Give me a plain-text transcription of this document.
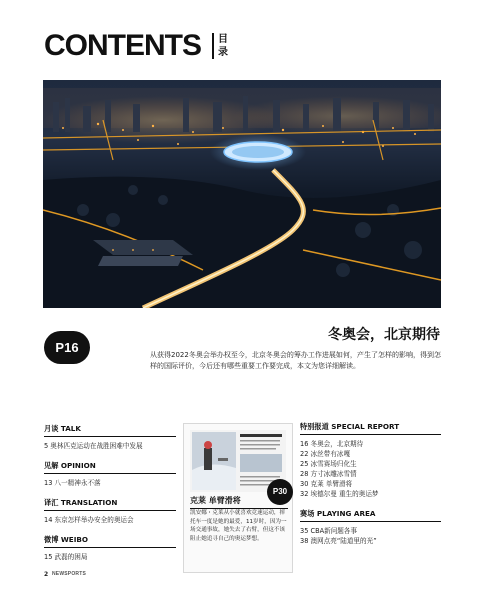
CONTENTS	目录
P16
冬奥会，北京期待
从获得2022冬奥会举办权至今，北京冬奥会的筹办工作进展如何，产生了怎样的影响，得到怎样的国际评价，今后还有哪些重要工作要完成，本文为您详细解读。
月谈 TALK
5 奥林匹克运动在战胜困难中发展
见解 OPINION
13 八一精神永不落
译汇 TRANSLATION
14 东京怎样举办安全的奥运会
微博 WEIBO
15 武磊的困局
P30
克莱 单臂滑将
凯安娜・克莱从小就喜欢竞速运动，摔托车一度是她的最爱，11岁时，因为一场交通事故，她失去了右臂，但这不该阻止她追寻自己的奥运梦想。
特别报道 SPECIAL REPORT
16 冬奥会，北京期待
22 冰丝带有冰嘎
25 冰雪赛场归化生
28 方寸冰雕冰雪情
30 克莱 单臂滑将
32 埃德尔曼 重生的奥运梦
赛场 PLAYING AREA
35 CBA新问题各事
38 澳网点亮“陆道里的光”
2 NEWSPORTS
